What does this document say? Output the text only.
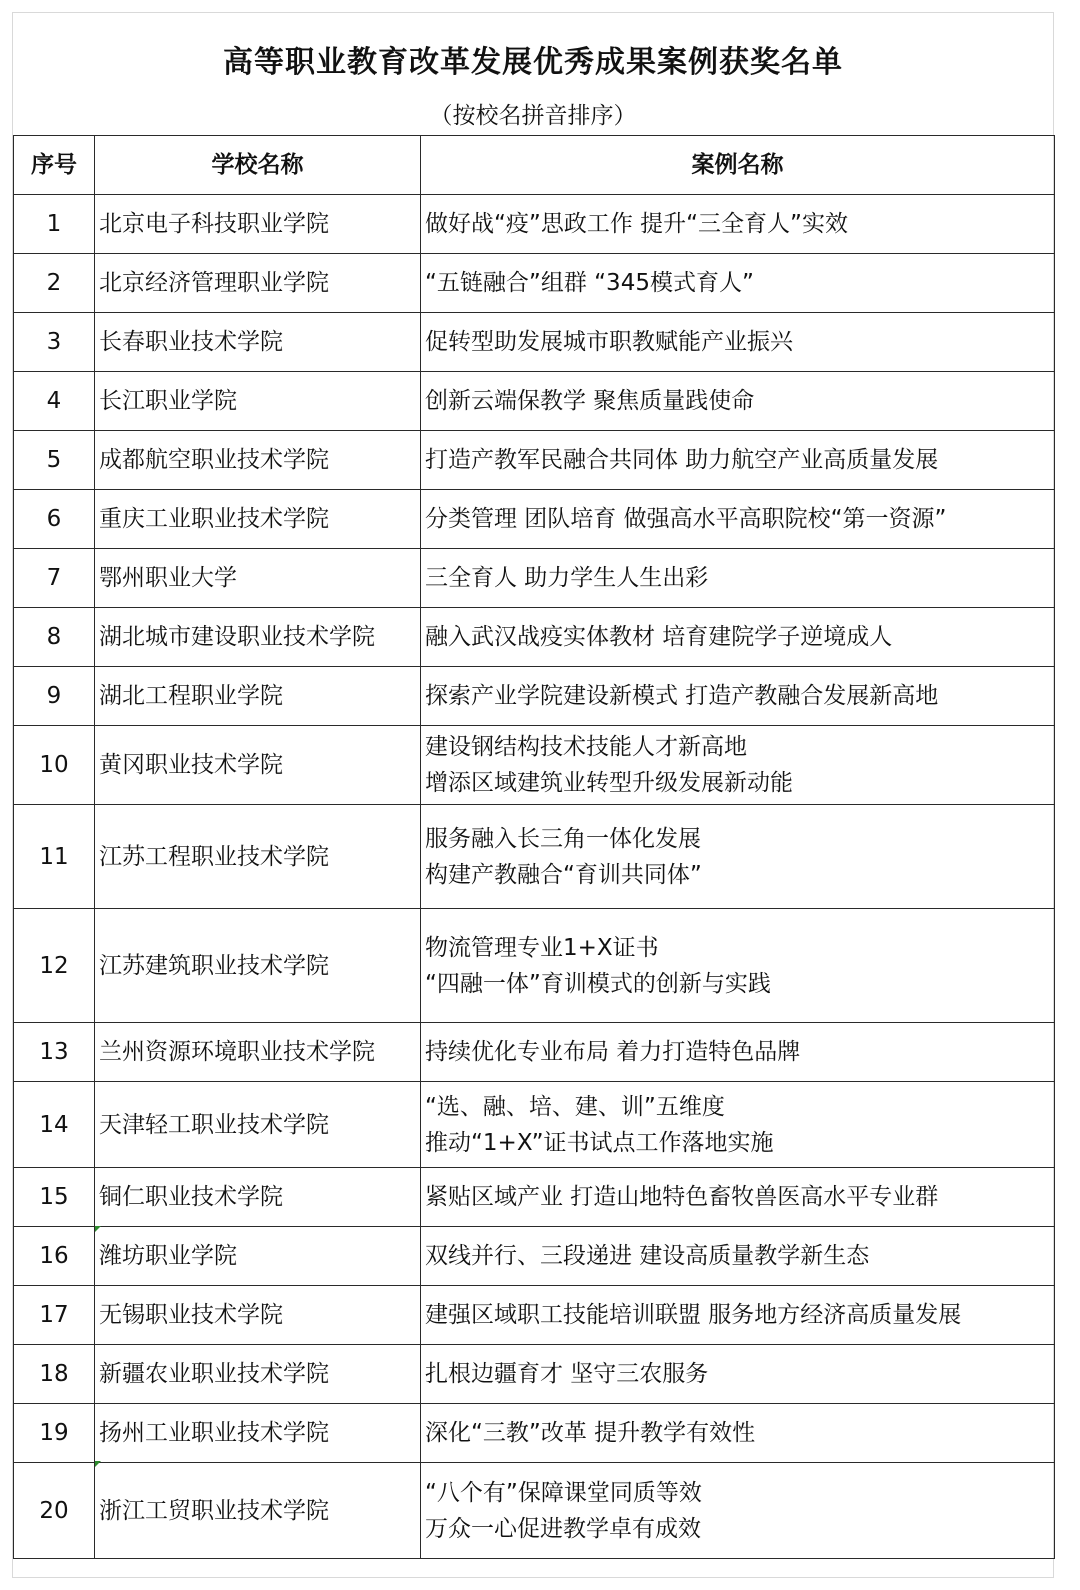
高等职业教育改革发展优秀成果案例获奖名单
（按校名拼音排序）
序号	学校名称	案例名称
1	北京电子科技职业学院	做好战“疫”思政工作 提升“三全育人”实效

2	北京经济管理职业学院	“五链融合”组群 “345模式育人”

3	长春职业技术学院	促转型助发展城市职教赋能产业振兴

4	长江职业学院	创新云端保教学 聚焦质量践使命

5	成都航空职业技术学院	打造产教军民融合共同体 助力航空产业高质量发展

6	重庆工业职业技术学院	分类管理 团队培育 做强高水平高职院校“第一资源”

7	鄂州职业大学	三全育人 助力学生人生出彩

8	湖北城市建设职业技术学院	融入武汉战疫实体教材 培育建院学子逆境成人

9	湖北工程职业学院	探索产业学院建设新模式 打造产教融合发展新高地

10	黄冈职业技术学院	建设钢结构技术技能人才新高地
增添区域建筑业转型升级发展新动能

11	江苏工程职业技术学院	服务融入长三角一体化发展
构建产教融合“育训共同体”

12	江苏建筑职业技术学院	物流管理专业1+X证书
“四融一体”育训模式的创新与实践

13	兰州资源环境职业技术学院	持续优化专业布局 着力打造特色品牌

14	天津轻工职业技术学院	“选、融、培、建、训”五维度
推动“1+X”证书试点工作落地实施

15	铜仁职业技术学院	紧贴区域产业 打造山地特色畜牧兽医高水平专业群

16	潍坊职业学院	双线并行、三段递进 建设高质量教学新生态

17	无锡职业技术学院	建强区域职工技能培训联盟 服务地方经济高质量发展

18	新疆农业职业技术学院	扎根边疆育才 坚守三农服务

19	扬州工业职业技术学院	深化“三教”改革 提升教学有效性

20	浙江工贸职业技术学院	“八个有”保障课堂同质等效
万众一心促进教学卓有成效
